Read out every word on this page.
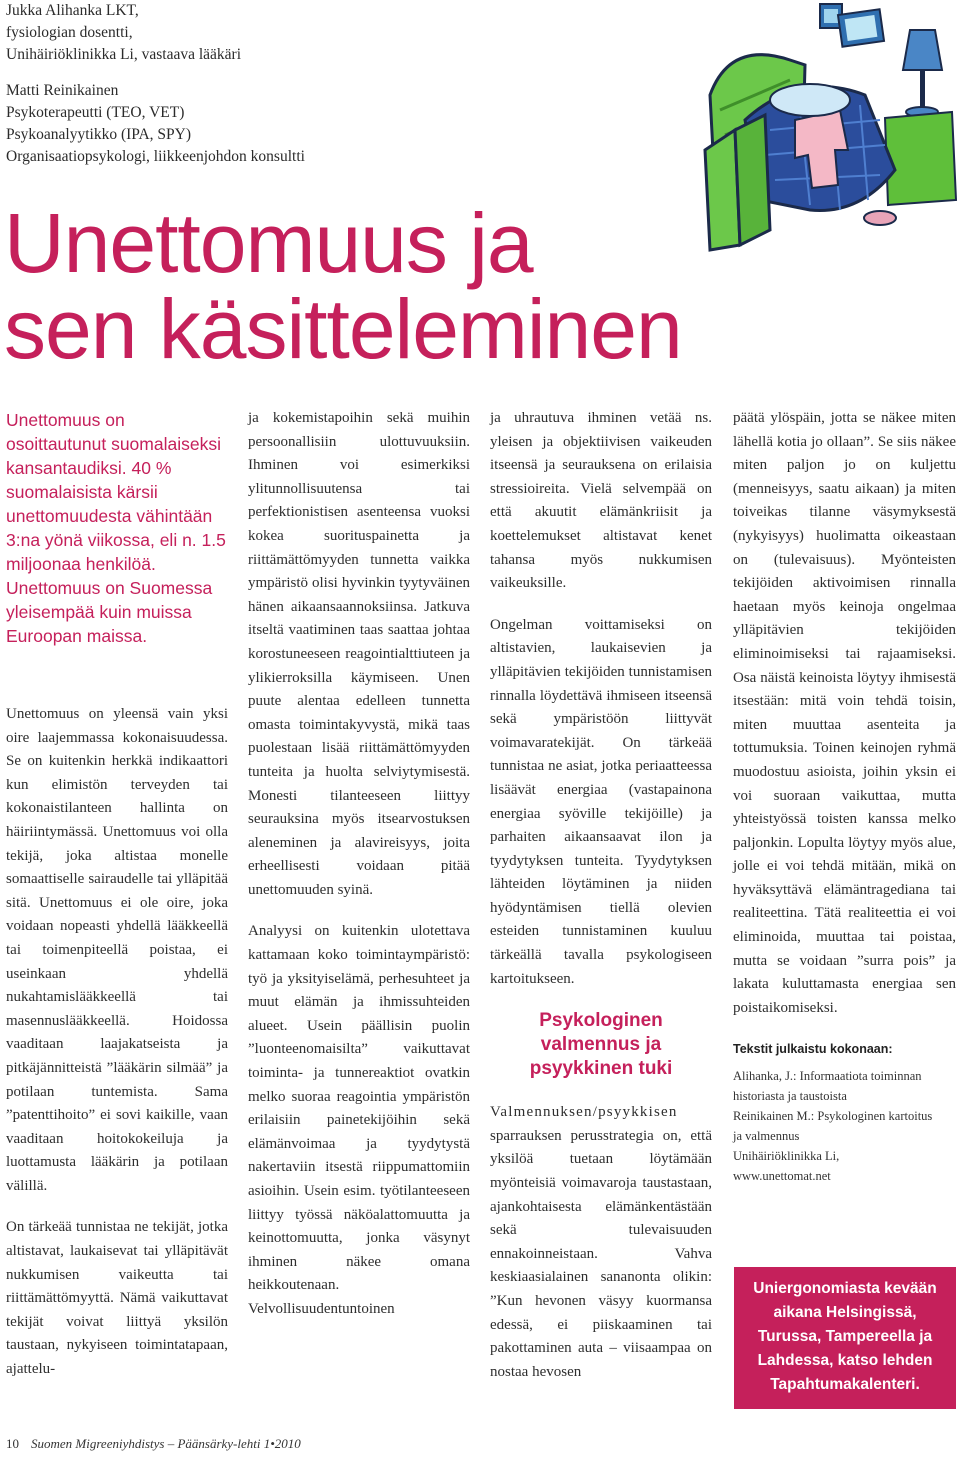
Jukka Alihanka LKT,
fysiologian dosentti,
Unihäiriöklinikka Li, vastaava lääkäri
Matti Reinikainen
Psykoterapeutti (TEO, VET)
Psykoanalyytikko (IPA, SPY)
Organisaatiopsykologi, liikkeenjohdon konsultti
Unettomuus ja
sen käsitteleminen
Unettomuus on osoittautunut suomalaiseksi kansantaudiksi. 40 % suomalaisista kärsii unettomuudesta vähintään 3:na yönä viikossa, eli n. 1.5 miljoonaa henkilöä. Unettomuus on Suomessa yleisempää kuin muissa Euroopan maissa.

Unettomuus on yleensä vain yksi oire laajemmassa kokonaisuudessa. Se on kuitenkin herkkä indikaattori kun elimistön terveyden tai kokonaistilanteen hallinta on häiriintymässä. Unettomuus voi olla tekijä, joka altistaa monelle somaattiselle sairaudelle tai ylläpitää sitä. Unettomuus ei ole oire, joka voidaan nopeasti yhdellä lääkkeellä tai toimenpiteellä poistaa, ei useinkaan yhdellä nukahtamislääkkeellä tai masennuslääkkeellä. Hoidossa vaaditaan laajakatseista ja pitkäjännitteistä ”lääkärin silmää” ja potilaan tuntemista. Sama ”patenttihoito” ei sovi kaikille, vaan vaaditaan hoitokokeiluja ja luottamusta lääkärin ja potilaan välillä.

On tärkeää tunnistaa ne tekijät, jotka altistavat, laukaisevat tai ylläpitävät nukkumisen vaikeutta tai riittämättömyyttä. Nämä vaikuttavat tekijät voivat liittyä yksilön taustaan, nykyiseen toimintatapaan, ajattelu-

ja kokemistapoihin sekä muihin persoonallisiin ulottuvuuksiin. Ihminen voi esimerkiksi ylitunnollisuutensa tai perfektionistisen asenteensa vuoksi kokea suorituspainetta ja riittämättömyyden tunnetta vaikka ympäristö olisi hyvinkin tyytyväinen hänen aikaansaannoksiinsa. Jatkuva itseltä vaatiminen taas saattaa johtaa korostuneeseen reagointialttiuteen ja ylikierroksilla käymiseen. Unen puute alentaa edelleen tunnetta omasta toimintakyvystä, mikä taas puolestaan lisää riittämättömyyden tunteita ja huolta selviytymisestä. Monesti tilanteeseen liittyy seurauksina myös itsearvostuksen aleneminen ja alavireisyys, joita erheellisesti voidaan pitää unettomuuden syinä.

Analyysi on kuitenkin ulotettava kattamaan koko toimintaympäristö: työ ja yksityiselämä, perhesuhteet ja muut elämän ja ihmissuhteiden alueet. Usein päällisin puolin ”luonteenomaisilta” vaikuttavat toiminta- ja tunnereaktiot ovatkin melko suoraa reagointia ympäristön erilaisiin painetekijöihin sekä elämänvoimaa ja tyydytystä nakertaviin itsestä riippumattomiin asioihin. Usein esim. työtilanteeseen liittyy työssä näköalattomuutta ja keinottomuutta, jonka väsynyt ihminen näkee omana heikkoutenaan. Velvollisuudentuntoinen

ja uhrautuva ihminen vetää ns. yleisen ja objektiivisen vaikeuden itseensä ja seurauksena on erilaisia stressioireita. Vielä selvempää on että akuutit elämänkriisit ja koettelemukset altistavat kenet tahansa myös nukkumisen vaikeuksille.

Ongelman voittamiseksi on altistavien, laukaisevien ja ylläpitävien tekijöiden tunnistamisen rinnalla löydettävä ihmiseen itseensä sekä ympäristöön liittyvät voimavaratekijät. On tärkeää tunnistaa ne asiat, jotka periaatteessa lisäävät energiaa (vastapainona energiaa syöville tekijöille) ja parhaiten aikaansaavat ilon ja tyydytyksen tunteita. Tyydytyksen lähteiden löytäminen ja niiden hyödyntämisen tiellä olevien esteiden tunnistaminen kuuluu tärkeällä tavalla psykologiseen kartoitukseen.

Psykologinen valmennus ja psyykkinen tuki

Valmennuksen/psyykkisen sparrauksen perusstrategia on, että yksilöä tuetaan löytämään myönteisiä voimavaroja taustastaan, ajankohtaisesta elämänkentästään sekä tulevaisuuden ennakoinneistaan. Vahva keskiaasialainen sananonta olikin: ”Kun hevonen väsyy kuormansa edessä, ei piiskaaminen tai pakottaminen auta – viisaampaa on nostaa hevosen

päätä ylöspäin, jotta se näkee miten lähellä kotia jo ollaan”. Se siis näkee miten paljon jo on kuljettu (menneisyys, saatu aikaan) ja miten toiveikas tilanne väsymyksestä (nykyisyys) huolimatta oikeastaan on (tulevaisuus). Myönteisten tekijöiden aktivoimisen rinnalla haetaan myös keinoja ongelmaa ylläpitävien tekijöiden eliminoimiseksi tai rajaamiseksi. Osa näistä keinoista löytyy ihmisestä itsestään: mitä voin tehdä toisin, miten muuttaa asenteita ja tottumuksia. Toinen keinojen ryhmä muodostuu asioista, joihin yksin ei voi suoraan vaikuttaa, mutta yhteistyössä toisten kanssa melko paljonkin. Lopulta löytyy myös alue, jolle ei voi tehdä mitään, mikä on hyväksyttävä elämäntragediana tai realiteettina. Tätä realiteettia ei voi eliminoida, muuttaa tai poistaa, mutta se voidaan ”surra pois” ja lakata kuluttamasta energiaa sen poistaikomiseksi.

Tekstit julkaistu kokonaan:
Alihanka, J.: Informaatiota toiminnan
historiasta ja taustoista
Reinikainen M.: Psykologinen kartoitus
ja valmennus
Unihäiriöklinikka Li,
www.unettomat.net
Uniergonomiasta kevään
aikana Helsingissä,
Turussa, Tampereella ja
Lahdessa, katso lehden
Tapahtumakalenteri.
10 Suomen Migreeniyhdistys – Päänsärky-lehti 1•2010
